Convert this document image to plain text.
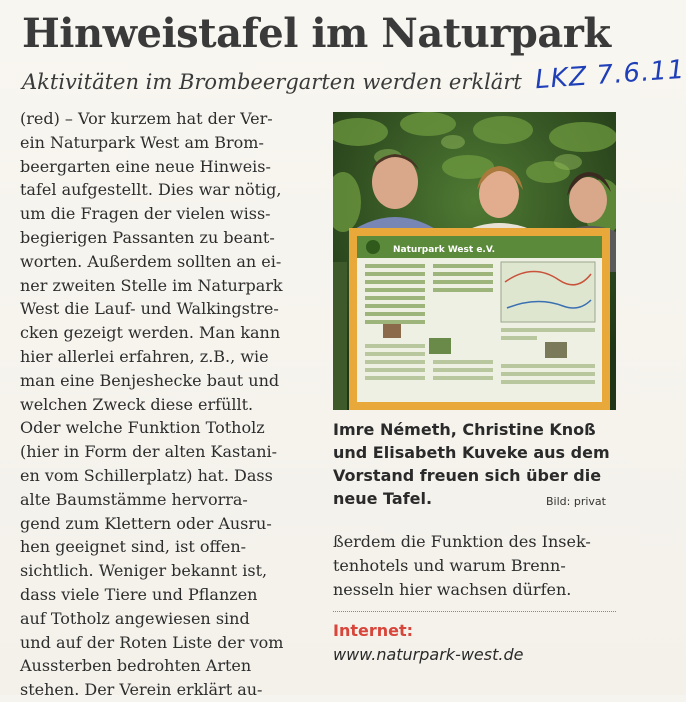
Hinweistafel im Naturpark
Aktivitäten im Brombeergarten werden erklärt LKZ 7.6.11
(red) – Vor kurzem hat der Ver-
ein Naturpark West am Brom-
beergarten eine neue Hinweis-
tafel aufgestellt. Dies war nötig,
um die Fragen der vielen wiss-
begierigen Passanten zu beant-
worten. Außerdem sollten an ei-
ner zweiten Stelle im Naturpark
West die Lauf- und Walkingstre-
cken gezeigt werden. Man kann
hier allerlei erfahren, z.B., wie
man eine Benjeshecke baut und
welchen Zweck diese erfüllt.
Oder welche Funktion Totholz
(hier in Form der alten Kastani-
en vom Schillerplatz) hat. Dass
alte Baumstämme hervorra-
gend zum Klettern oder Ausru-
hen geeignet sind, ist offen-
sichtlich. Weniger bekannt ist,
dass viele Tiere und Pflanzen
auf Totholz angewiesen sind
und auf der Roten Liste der vom
Aussterben bedrohten Arten
stehen. Der Verein erklärt au-
Naturpark West e.V.
Imre Németh, Christine Knoß
und Elisabeth Kuveke aus dem
Vorstand freuen sich über die
neue Tafel.	Bild: privat
ßerdem die Funktion des Insek-
tenhotels und warum Brenn-
nesseln hier wachsen dürfen.
Internet:
www.naturpark-west.de
